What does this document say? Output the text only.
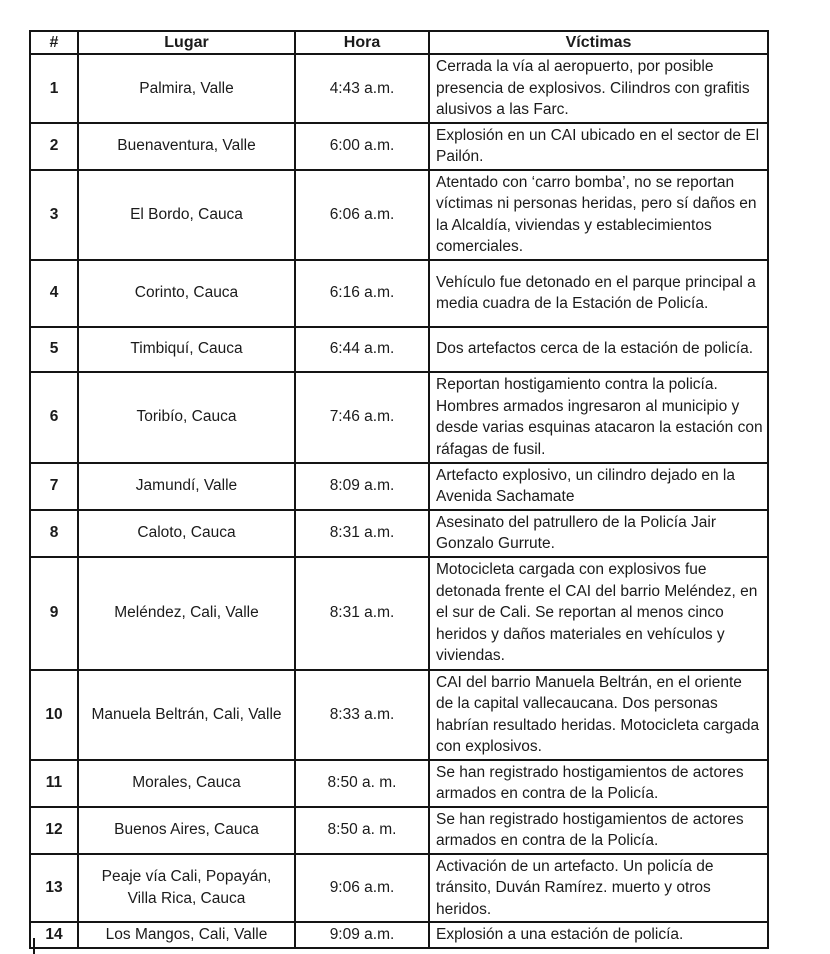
#	Lugar	Hora	Víctimas
1	Palmira, Valle	4:43 a.m.	Cerrada la vía al aeropuerto, por posible presencia de explosivos. Cilindros con grafitis alusivos a las Farc.
2	Buenaventura, Valle	6:00 a.m.	Explosión en un CAI ubicado en el sector de El Pailón.
3	El Bordo, Cauca	6:06 a.m.	Atentado con ‘carro bomba’, no se reportan víctimas ni personas heridas, pero sí daños en la Alcaldía, viviendas y establecimientos comerciales.
4	Corinto, Cauca	6:16 a.m.	Vehículo fue detonado en el parque principal a media cuadra de la Estación de Policía.
5	Timbiquí, Cauca	6:44 a.m.	Dos artefactos cerca de la estación de policía.
6	Toribío, Cauca	7:46 a.m.	Reportan hostigamiento contra la policía. Hombres armados ingresaron al municipio y desde varias esquinas atacaron la estación con ráfagas de fusil.
7	Jamundí, Valle	8:09 a.m.	Artefacto explosivo, un cilindro dejado en la Avenida Sachamate
8	Caloto, Cauca	8:31 a.m.	Asesinato del patrullero de la Policía Jair Gonzalo Gurrute.
9	Meléndez, Cali, Valle	8:31 a.m.	Motocicleta cargada con explosivos fue detonada frente el CAI del barrio Meléndez, en el sur de Cali. Se reportan al menos cinco heridos y daños materiales en vehículos y viviendas.
10	Manuela Beltrán, Cali, Valle	8:33 a.m.	CAI del barrio Manuela Beltrán, en el oriente de la capital vallecaucana. Dos personas habrían resultado heridas. Motocicleta cargada con explosivos.
11	Morales, Cauca	8:50 a. m.	Se han registrado hostigamientos de actores armados en contra de la Policía.
12	Buenos Aires, Cauca	8:50 a. m.	Se han registrado hostigamientos de actores armados en contra de la Policía.
13	Peaje vía Cali, Popayán, Villa Rica, Cauca	9:06 a.m.	Activación de un artefacto. Un policía de tránsito, Duván Ramírez. muerto y otros heridos.
14	Los Mangos, Cali, Valle	9:09 a.m.	Explosión a una estación de policía.
